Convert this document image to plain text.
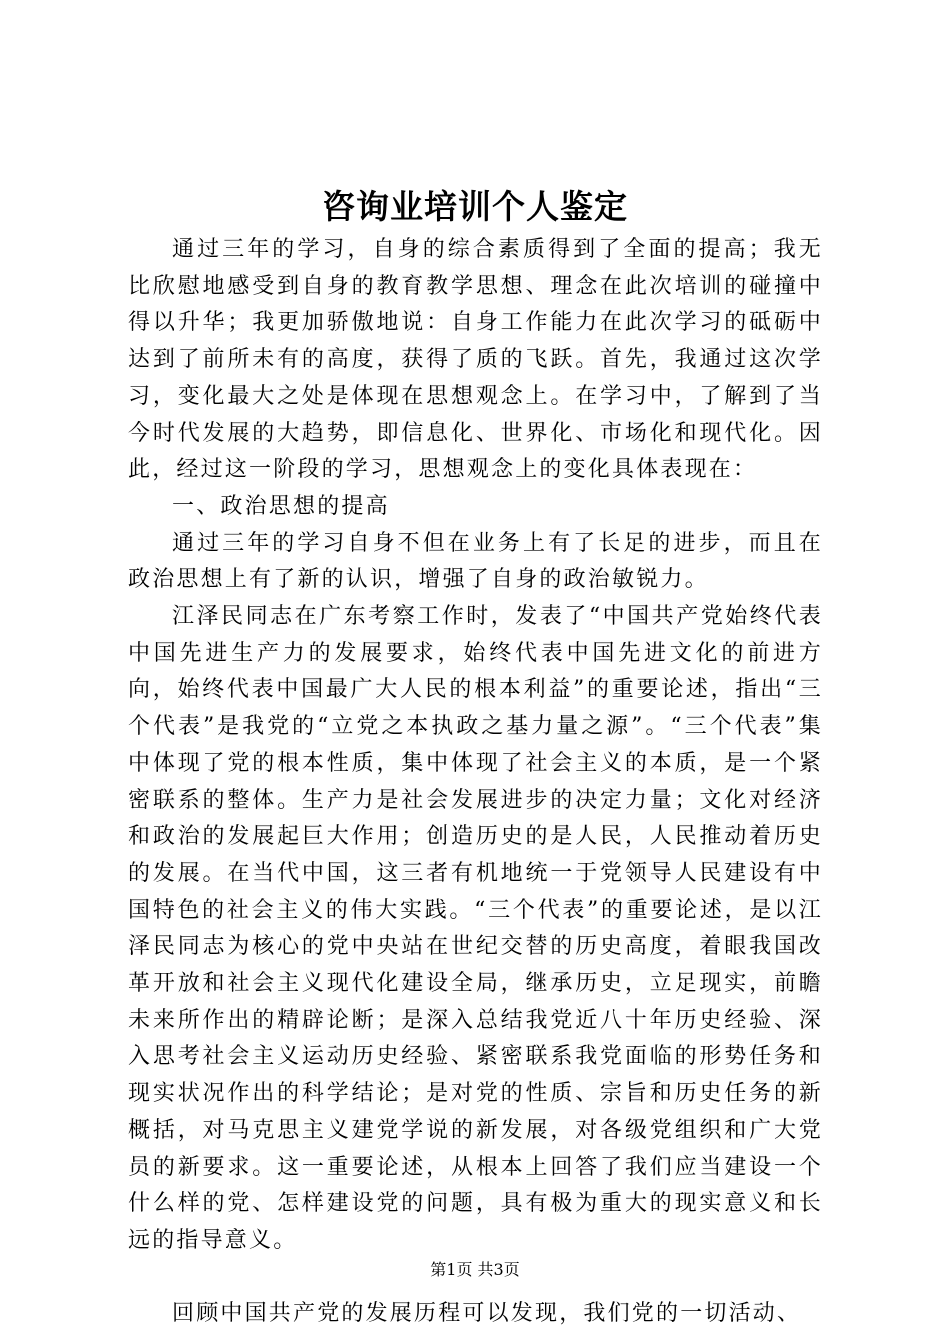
咨询业培训个人鉴定

通过三年的学习，自身的综合素质得到了全面的提高；我无比欣慰地感受到自身的教育教学思想、理念在此次培训的碰撞中得以升华；我更加骄傲地说：自身工作能力在此次学习的砥砺中达到了前所未有的高度，获得了质的飞跃。首先，我通过这次学习，变化最大之处是体现在思想观念上。在学习中，了解到了当今时代发展的大趋势，即信息化、世界化、市场化和现代化。因此，经过这一阶段的学习，思想观念上的变化具体表现在：

一、政治思想的提高

通过三年的学习自身不但在业务上有了长足的进步，而且在政治思想上有了新的认识，增强了自身的政治敏锐力。

江泽民同志在广东考察工作时，发表了“中国共产党始终代表中国先进生产力的发展要求，始终代表中国先进文化的前进方向，始终代表中国最广大人民的根本利益”的重要论述，指出“三个代表”是我党的“立党之本执政之基力量之源”。“三个代表”集中体现了党的根本性质，集中体现了社会主义的本质，是一个紧密联系的整体。生产力是社会发展进步的决定力量；文化对经济和政治的发展起巨大作用；创造历史的是人民，人民推动着历史的发展。在当代中国，这三者有机地统一于党领导人民建设有中国特色的社会主义的伟大实践。“三个代表”的重要论述，是以江泽民同志为核心的党中央站在世纪交替的历史高度，着眼我国改革开放和社会主义现代化建设全局，继承历史，立足现实，前瞻未来所作出的精辟论断；是深入总结我党近八十年历史经验、深入思考社会主义运动历史经验、紧密联系我党面临的形势任务和现实状况作出的科学结论；是对党的性质、宗旨和历史任务的新概括，对马克思主义建党学说的新发展，对各级党组织和广大党员的新要求。这一重要论述，从根本上回答了我们应当建设一个什么样的党、怎样建设党的问题，具有极为重大的现实意义和长远的指导意义。

回顾中国共产党的发展历程可以发现，我们党的一切活动、

第1页 共3页
